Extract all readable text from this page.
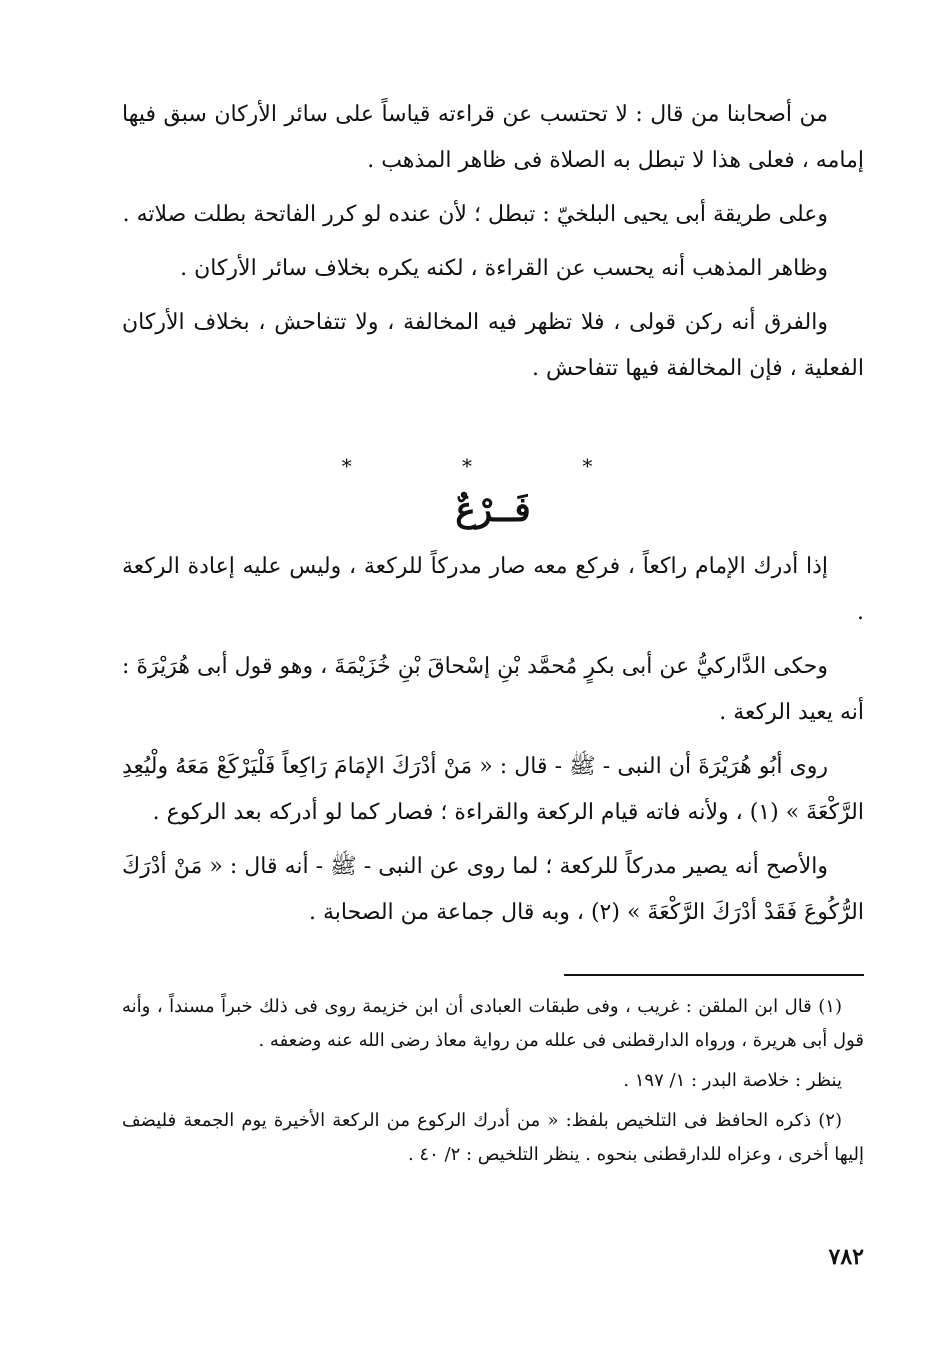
من أصحابنا من قال : لا تحتسب عن قراءته قياساً على سائر الأركان سبق فيها إمامه ، فعلى هذا لا تبطل به الصلاة فى ظاهر المذهب .

وعلى طريقة أبى يحيى البلخيّ : تبطل ؛ لأن عنده لو كرر الفاتحة بطلت صلاته .

وظاهر المذهب أنه يحسب عن القراءة ، لكنه يكره بخلاف سائر الأركان .

والفرق أنه ركن قولى ، فلا تظهر فيه المخالفة ، ولا تتفاحش ، بخلاف الأركان الفعلية ، فإن المخالفة فيها تتفاحش .

* * *
فَــرْعٌ

إذا أدرك الإمام راكعاً ، فركع معه صار مدركاً للركعة ، وليس عليه إعادة الركعة .

وحكى الدَّاركيُّ عن أبى بكرٍ مُحمَّد بْنِ إسْحاقَ بْنِ خُزَيْمَةَ ، وهو قول أبى هُرَيْرَةَ : أنه يعيد الركعة .

روى أبُو هُرَيْرَةَ أن النبى - ﷺ - قال : « مَنْ أدْرَكَ الإمَامَ رَاكِعاً فَلْيَرْكَعْ مَعَهُ ولْيُعِدِ الرَّكْعَةَ » (١) ، ولأنه فاته قيام الركعة والقراءة ؛ فصار كما لو أدركه بعد الركوع .

والأصح أنه يصير مدركاً للركعة ؛ لما روى عن النبى - ﷺ - أنه قال : « مَنْ أدْرَكَ الرُّكُوعَ فَقَدْ أدْرَكَ الرَّكْعَةَ » (٢) ، وبه قال جماعة من الصحابة .

(١) قال ابن الملقن : غريب ، وفى طبقات العبادى أن ابن خزيمة روى فى ذلك خبراً مسنداً ، وأنه قول أبى هريرة ، ورواه الدارقطنى فى علله من رواية معاذ رضى الله عنه وضعفه .

ينظر : خلاصة البدر : ١/ ١٩٧ .

(٢) ذكره الحافظ فى التلخيص بلفظ: « من أدرك الركوع من الركعة الأخيرة يوم الجمعة فليضف إليها أخرى ، وعزاه للدارقطنى بنحوه . ينظر التلخيص : ٢/ ٤٠ .

٧٨٢
